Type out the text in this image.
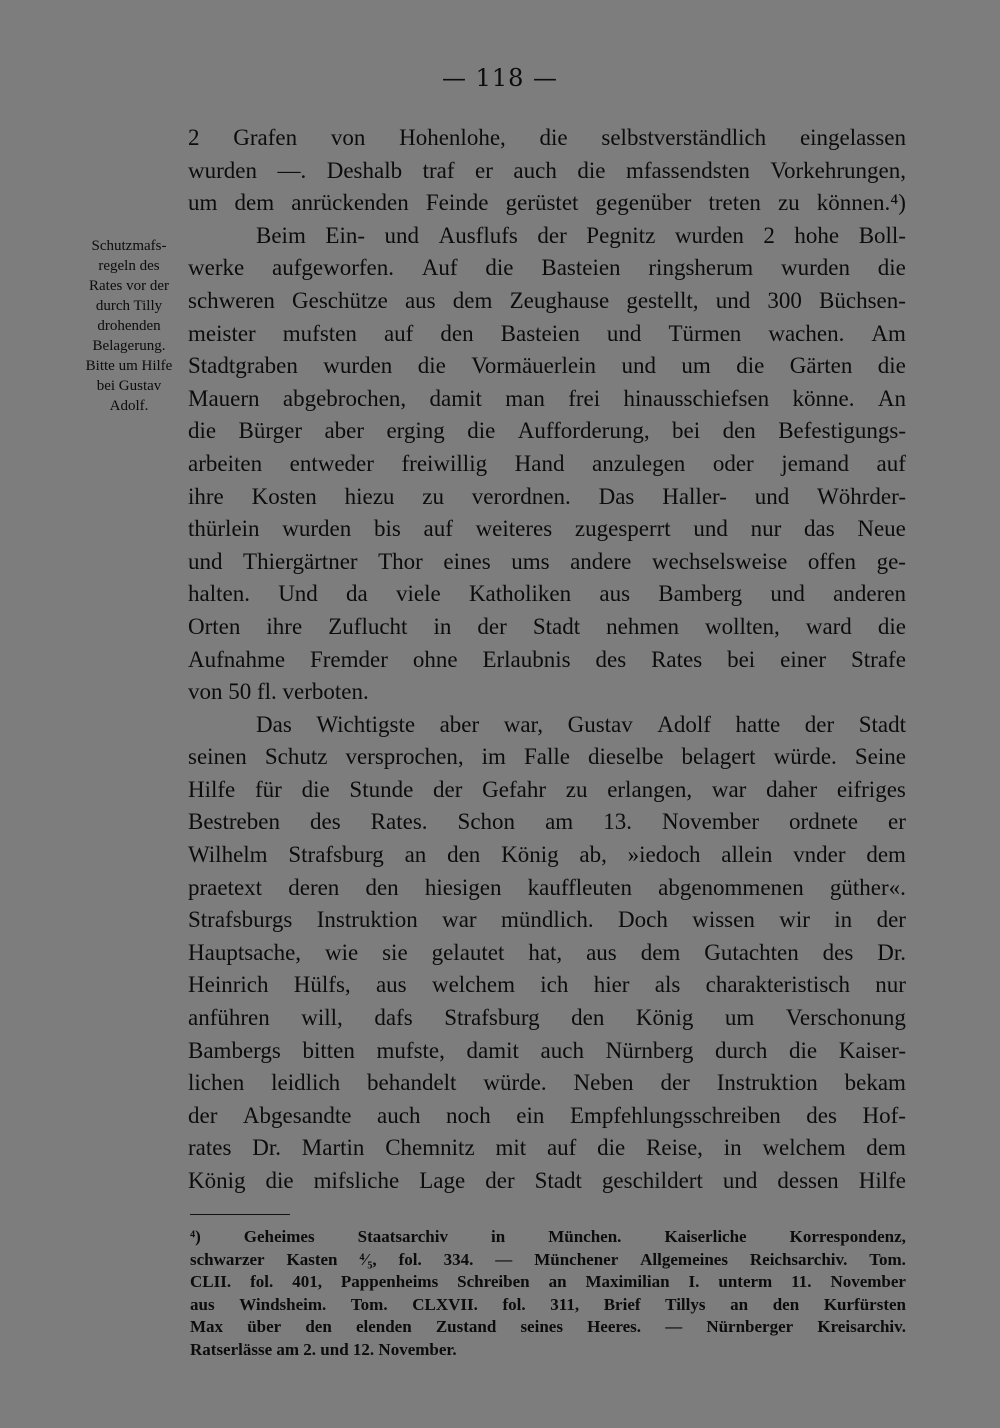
— 118 —
Schutzmafs-
regeln des
Rates vor der
durch Tilly
drohenden
Belagerung.
Bitte um Hilfe
bei Gustav
Adolf.
2 Grafen von Hohenlohe, die selbstverständlich eingelassen
wurden —. Deshalb traf er auch die mfassendsten Vorkehrungen,
um dem anrückenden Feinde gerüstet gegenüber treten zu können.⁴)
Beim Ein- und Ausflufs der Pegnitz wurden 2 hohe Boll-
werke aufgeworfen. Auf die Basteien ringsherum wurden die
schweren Geschütze aus dem Zeughause gestellt, und 300 Büchsen-
meister mufsten auf den Basteien und Türmen wachen. Am
Stadtgraben wurden die Vormäuerlein und um die Gärten die
Mauern abgebrochen, damit man frei hinausschiefsen könne. An
die Bürger aber erging die Aufforderung, bei den Befestigungs-
arbeiten entweder freiwillig Hand anzulegen oder jemand auf
ihre Kosten hiezu zu verordnen. Das Haller- und Wöhrder-
thürlein wurden bis auf weiteres zugesperrt und nur das Neue
und Thiergärtner Thor eines ums andere wechselsweise offen ge-
halten. Und da viele Katholiken aus Bamberg und anderen
Orten ihre Zuflucht in der Stadt nehmen wollten, ward die
Aufnahme Fremder ohne Erlaubnis des Rates bei einer Strafe
von 50 fl. verboten.
Das Wichtigste aber war, Gustav Adolf hatte der Stadt
seinen Schutz versprochen, im Falle dieselbe belagert würde. Seine
Hilfe für die Stunde der Gefahr zu erlangen, war daher eifriges
Bestreben des Rates. Schon am 13. November ordnete er
Wilhelm Strafsburg an den König ab, »iedoch allein vnder dem
praetext deren den hiesigen kauffleuten abgenommenen güther«.
Strafsburgs Instruktion war mündlich. Doch wissen wir in der
Hauptsache, wie sie gelautet hat, aus dem Gutachten des Dr.
Heinrich Hülfs, aus welchem ich hier als charakteristisch nur
anführen will, dafs Strafsburg den König um Verschonung
Bambergs bitten mufste, damit auch Nürnberg durch die Kaiser-
lichen leidlich behandelt würde. Neben der Instruktion bekam
der Abgesandte auch noch ein Empfehlungsschreiben des Hof-
rates Dr. Martin Chemnitz mit auf die Reise, in welchem dem
König die mifsliche Lage der Stadt geschildert und dessen Hilfe
⁴)	Geheimes	Staatsarchiv	in	München.	Kaiserliche	Korrespondenz,
schwarzer Kasten ⁴⁄₅, fol. 334. — Münchener Allgemeines Reichsarchiv. Tom.
CLII. fol. 401, Pappenheims Schreiben an Maximilian I. unterm 11. November
aus Windsheim. Tom. CLXVII. fol. 311, Brief Tillys an den Kurfürsten
Max über den elenden Zustand seines Heeres. — Nürnberger Kreisarchiv.
Ratserlässe am 2. und 12. November.
